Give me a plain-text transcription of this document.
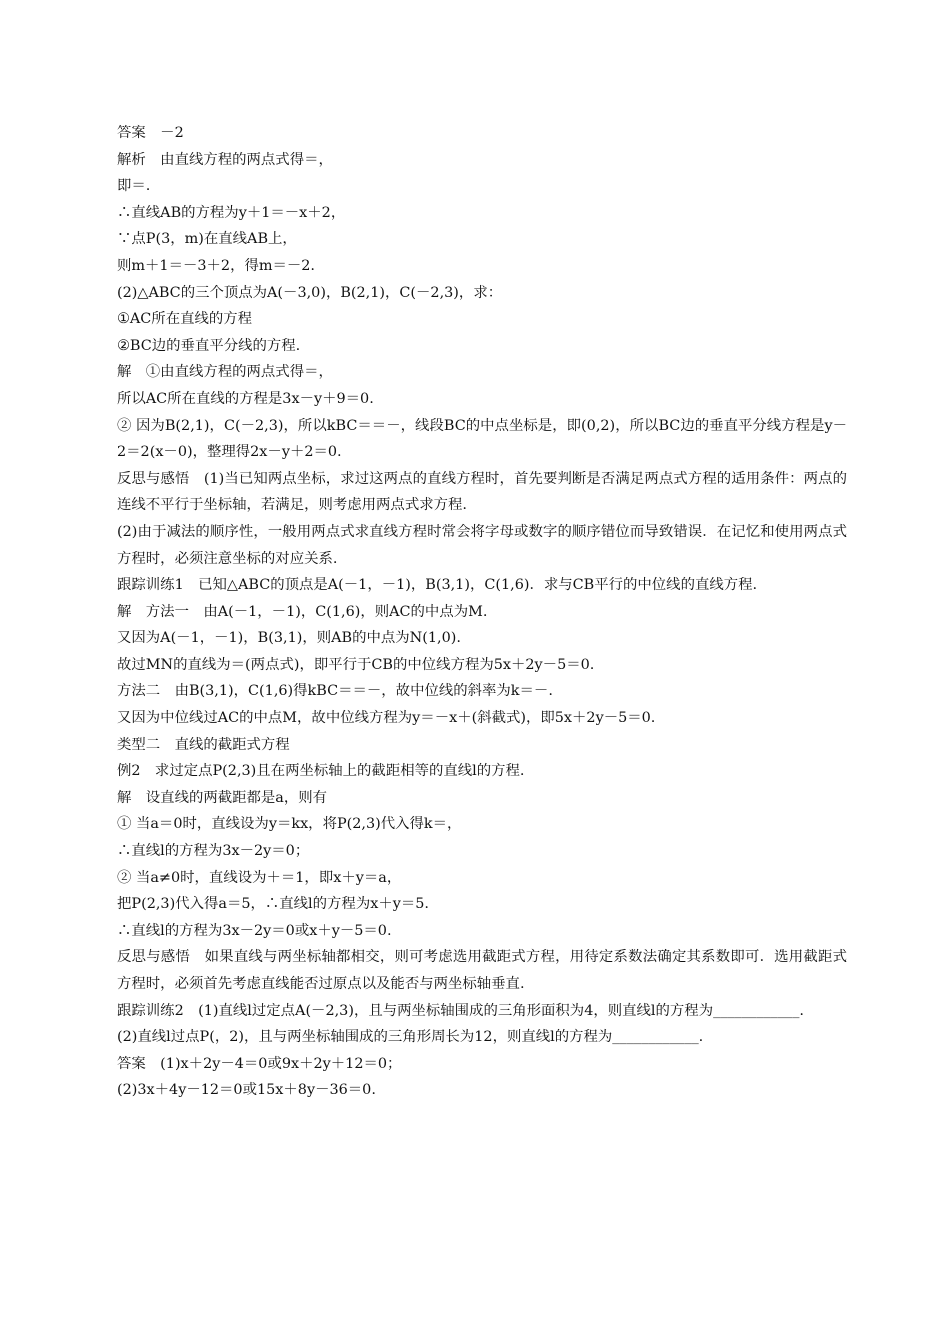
答案　－2
解析　由直线方程的两点式得＝，
即＝.
∴直线AB的方程为y＋1＝－x＋2，
∵点P(3，m)在直线AB上，
则m＋1＝－3＋2，得m＝－2.
(2)△ABC的三个顶点为A(－3,0)，B(2,1)，C(－2,3)，求：
①AC所在直线的方程
②BC边的垂直平分线的方程.
解　①由直线方程的两点式得＝，
所以AC所在直线的方程是3x－y＋9＝0.
② 因为B(2,1)，C(－2,3)，所以kBC＝＝－，线段BC的中点坐标是，即(0,2)，所以BC边的垂直平分线方程是y－2＝2(x－0)，整理得2x－y＋2＝0.
反思与感悟　(1)当已知两点坐标，求过这两点的直线方程时，首先要判断是否满足两点式方程的适用条件：两点的连线不平行于坐标轴，若满足，则考虑用两点式求方程.
(2)由于减法的顺序性，一般用两点式求直线方程时常会将字母或数字的顺序错位而导致错误．在记忆和使用两点式方程时，必须注意坐标的对应关系.
跟踪训练1　已知△ABC的顶点是A(－1，－1)，B(3,1)，C(1,6)．求与CB平行的中位线的直线方程.
解　方法一　由A(－1，－1)，C(1,6)，则AC的中点为M.
又因为A(－1，－1)，B(3,1)，则AB的中点为N(1,0).
故过MN的直线为＝(两点式)，即平行于CB的中位线方程为5x＋2y－5＝0.
方法二　由B(3,1)，C(1,6)得kBC＝＝－，故中位线的斜率为k＝－.
又因为中位线过AC的中点M，故中位线方程为y＝－x＋(斜截式)，即5x＋2y－5＝0.
类型二　直线的截距式方程
例2　求过定点P(2,3)且在两坐标轴上的截距相等的直线l的方程.
解　设直线的两截距都是a，则有
① 当a＝0时，直线设为y＝kx，将P(2,3)代入得k＝，
∴直线l的方程为3x－2y＝0；
② 当a≠0时，直线设为＋＝1，即x＋y＝a，
把P(2,3)代入得a＝5，∴直线l的方程为x＋y＝5.
∴直线l的方程为3x－2y＝0或x＋y－5＝0.
反思与感悟　如果直线与两坐标轴都相交，则可考虑选用截距式方程，用待定系数法确定其系数即可．选用截距式方程时，必须首先考虑直线能否过原点以及能否与两坐标轴垂直.
跟踪训练2　(1)直线l过定点A(－2,3)，且与两坐标轴围成的三角形面积为4，则直线l的方程为____________.
(2)直线l过点P(，2)，且与两坐标轴围成的三角形周长为12，则直线l的方程为____________.
答案　(1)x＋2y－4＝0或9x＋2y＋12＝0；
(2)3x＋4y－12＝0或15x＋8y－36＝0.
